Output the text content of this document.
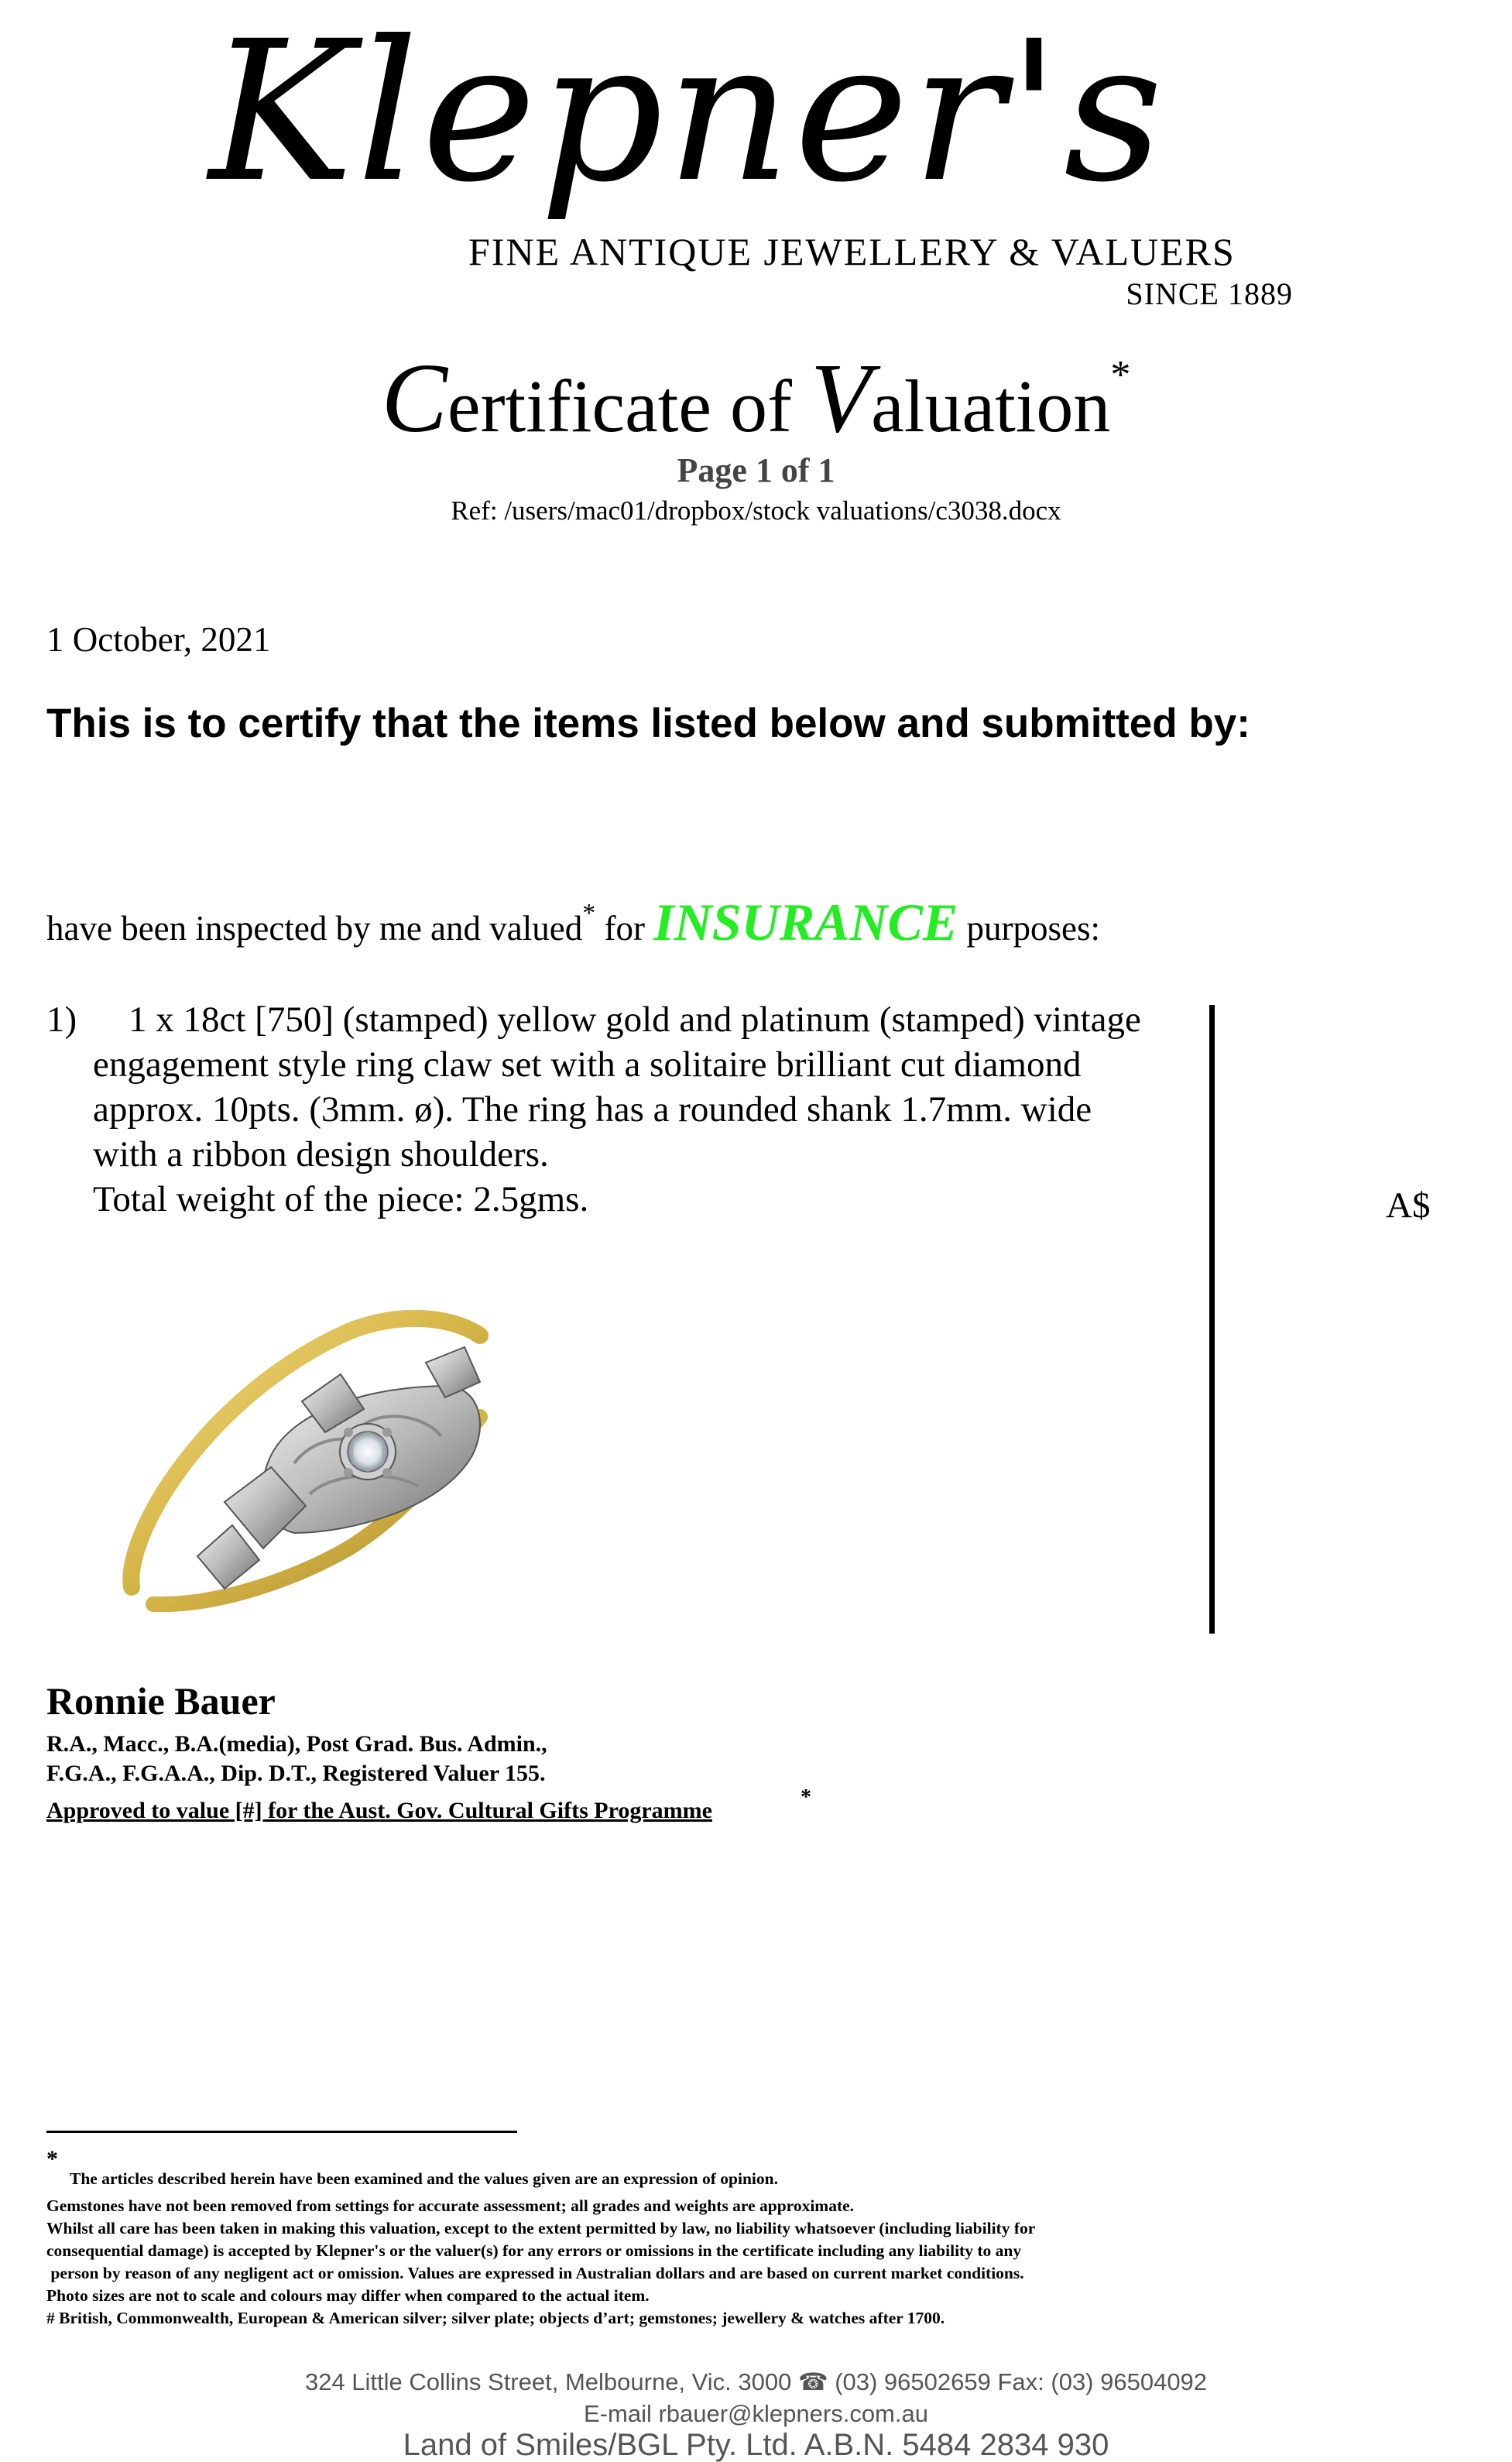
Klepner's
FINE ANTIQUE JEWELLERY & VALUERS
SINCE 1889
Certificate of Valuation*
Page 1 of 1
Ref: /users/mac01/dropbox/stock valuations/c3038.docx
1 October, 2021
This is to certify that the items listed below and submitted by:
have been inspected by me and valued* for INSURANCE purposes:
1)	1 x 18ct [750] (stamped) yellow gold and platinum (stamped) vintage
engagement style ring claw set with a solitaire brilliant cut diamond
approx. 10pts. (3mm. ø). The ring has a rounded shank 1.7mm. wide
with a ribbon design shoulders.
Total weight of the piece: 2.5gms.	A$
Ronnie Bauer
R.A., Macc., B.A.(media), Post Grad. Bus. Admin.,
F.G.A., F.G.A.A., Dip. D.T., Registered Valuer 155.
Approved to value [#] for the Aust. Gov. Cultural Gifts Programme
*
*
The articles described herein have been examined and the values given are an expression of opinion.
Gemstones have not been removed from settings for accurate assessment; all grades and weights are approximate.
Whilst all care has been taken in making this valuation, except to the extent permitted by law, no liability whatsoever (including liability for
consequential damage) is accepted by Klepner's or the valuer(s) for any errors or omissions in the certificate including any liability to any
person by reason of any negligent act or omission. Values are expressed in Australian dollars and are based on current market conditions.
Photo sizes are not to scale and colours may differ when compared to the actual item.
# British, Commonwealth, European & American silver; silver plate; objects d’art; gemstones; jewellery & watches after 1700.
324 Little Collins Street, Melbourne, Vic. 3000 ☎ (03) 96502659 Fax: (03) 96504092
E-mail rbauer@klepners.com.au
Land of Smiles/BGL Pty. Ltd. A.B.N. 5484 2834 930
